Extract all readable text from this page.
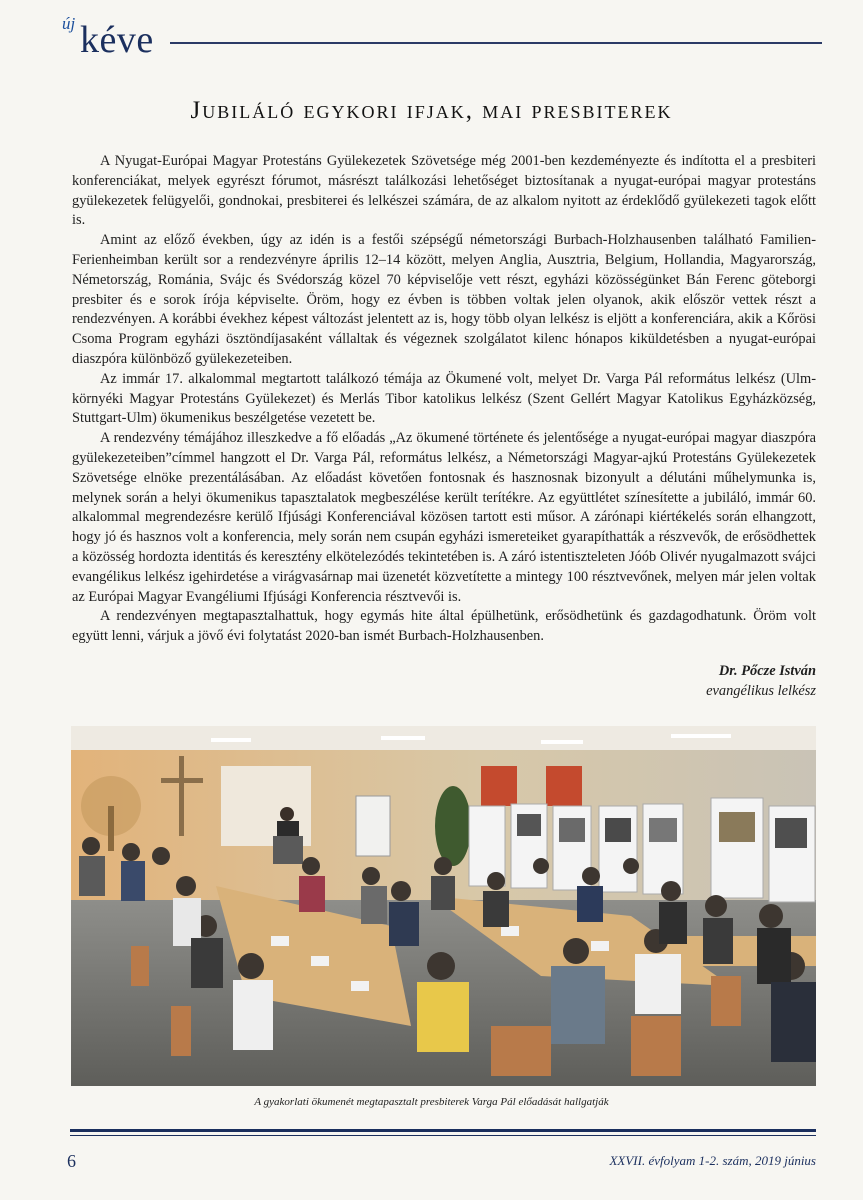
új kéve
Jubiláló egykori ifjak, mai presbiterek

A Nyugat-Európai Magyar Protestáns Gyülekezetek Szövetsége még 2001-ben kezdeményezte és indította el a presbiteri konferenciákat, melyek egyrészt fórumot, másrészt találkozási lehetőséget biztosítanak a nyugat-európai magyar protestáns gyülekezetek felügyelői, gondnokai, presbiterei és lelkészei számára, de az alkalom nyitott az érdeklődő gyülekezeti tagok előtt is.

Amint az előző években, úgy az idén is a festői szépségű németországi Burbach-Holzhausenben található Familien-Ferienheimban került sor a rendezvényre április 12–14 között, melyen Anglia, Ausztria, Belgium, Hollandia, Magyarország, Németország, Románia, Svájc és Svédország közel 70 képviselője vett részt, egyházi közösségünket Bán Ferenc göteborgi presbiter és e sorok írója képviselte. Öröm, hogy ez évben is többen voltak jelen olyanok, akik először vettek részt a rendezvényen. A korábbi évekhez képest változást jelentett az is, hogy több olyan lelkész is eljött a konferenciára, akik a Kőrösi Csoma Program egyházi ösztöndíjasaként vállaltak és végeznek szolgálatot kilenc hónapos kiküldetésben a nyugat-európai diaszpóra különböző gyülekezeteiben.

Az immár 17. alkalommal megtartott találkozó témája az Ökumené volt, melyet Dr. Varga Pál református lelkész (Ulm-környéki Magyar Protestáns Gyülekezet) és Merlás Tibor katolikus lelkész (Szent Gellért Magyar Katolikus Egyházközség, Stuttgart-Ulm) ökumenikus beszélgetése vezetett be.

A rendezvény témájához illeszkedve a fő előadás „Az ökumené története és jelentősége a nyugat-európai magyar diaszpóra gyülekezeteiben”címmel hangzott el Dr. Varga Pál, református lelkész, a Németországi Magyar-ajkú Protestáns Gyülekezetek Szövetsége elnöke prezentálásában. Az előadást követően fontosnak és hasznosnak bizonyult a délutáni műhelymunka is, melynek során a helyi ökumenikus tapasztalatok megbeszélése került terítékre. Az együttlétet színesítette a jubiláló, immár 60. alkalommal megrendezésre kerülő Ifjúsági Konferenciával közösen tartott esti műsor. A zárónapi kiértékelés során elhangzott, hogy jó és hasznos volt a konferencia, mely során nem csupán egyházi ismereteiket gyarapíthatták a részvevők, de erősödhettek a közösség hordozta identitás és keresztény elkötelezódés tekintetében is. A záró istentiszteleten Jóób Olivér nyugalmazott svájci evangélikus lelkész igehirdetése a virágvasárnap mai üzenetét közvetítette a mintegy 100 résztvevőnek, melyen már jelen voltak az Európai Magyar Evangéliumi Ifjúsági Konferencia résztvevői is.

A rendezvényen megtapasztalhattuk, hogy egymás hite által épülhetünk, erősödhetünk és gazdagodhatunk. Öröm volt együtt lenni, várjuk a jövő évi folytatást 2020-ban ismét Burbach-Holzhausenben.

Dr. Pőcze István
evangélikus lelkész
A gyakorlati ökumenét megtapasztalt presbiterek Varga Pál előadását hallgatják
6	XXVII. évfolyam 1-2. szám, 2019 június
